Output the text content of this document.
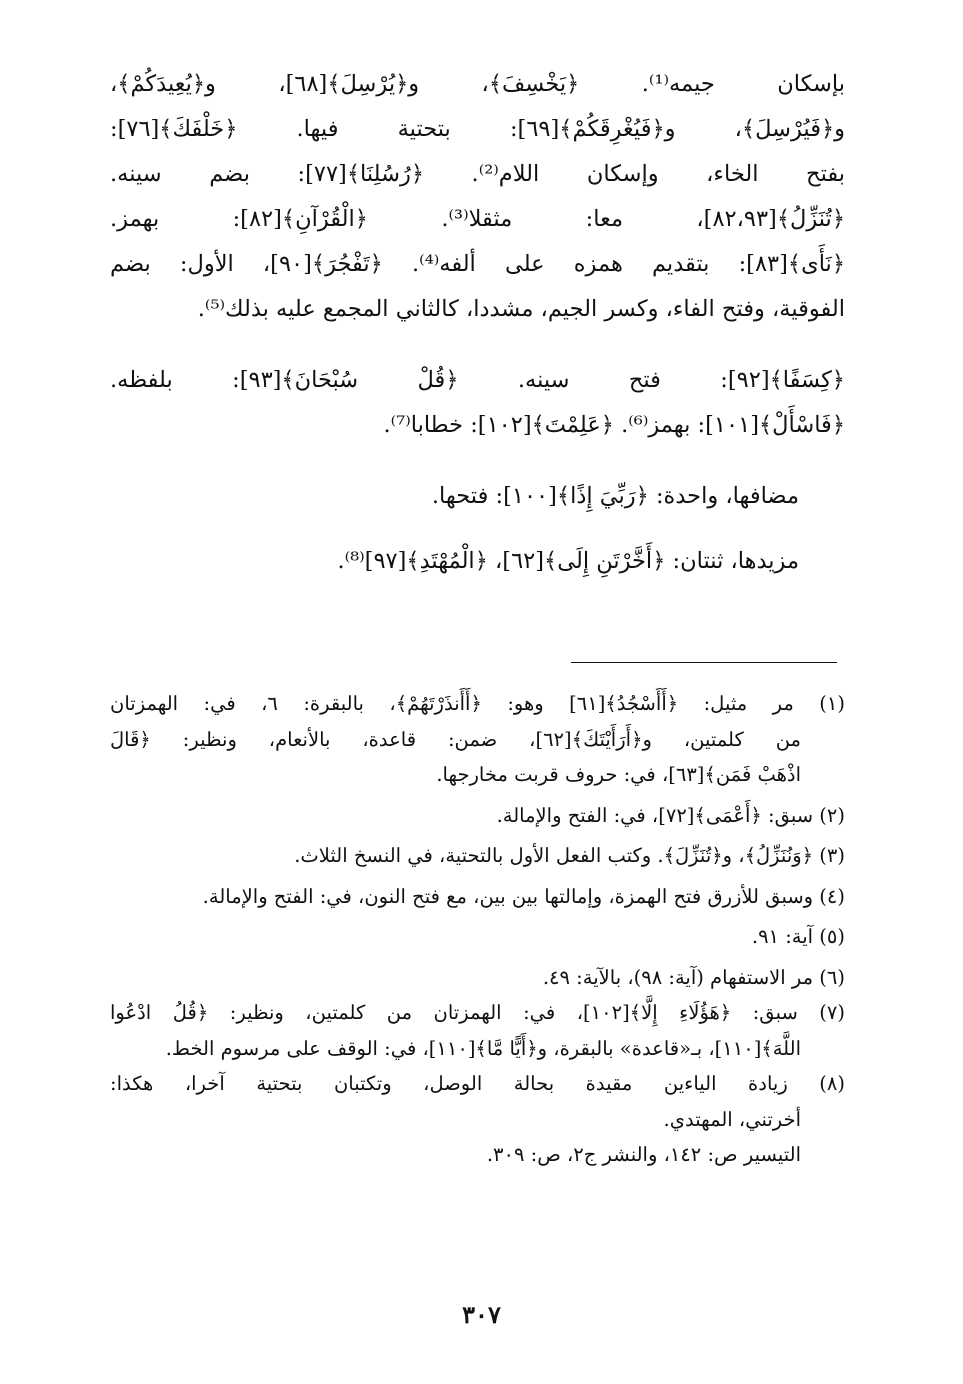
بإسكان جيمه⁽¹⁾. ﴿يَخْسِفَ﴾، و﴿يُرْسِلَ﴾[٦٨]، و﴿يُعِيدَكُمْ﴾،
و﴿فَيُرْسِلَ﴾، و﴿فَيُغْرِقَكُمْ﴾[٦٩]: بتحتية فيها. ﴿خَلْفَكَ﴾[٧٦]:
بفتح الخاء، وإسكان اللام⁽²⁾. ﴿رُسُلِنَا﴾[٧٧]: بضم سينه.
﴿تُنَزِّلُ﴾[٨٢،٩٣]، معا: مثقلا⁽³⁾. ﴿الْقُرْآنِ﴾[٨٢]: بهمز.
﴿نَأَى﴾[٨٣]: بتقديم همزه على ألفه⁽⁴⁾. ﴿تَفْجُرَ﴾[٩٠]، الأول: بضم
الفوقية، وفتح الفاء، وكسر الجيم، مشددا، كالثاني المجمع عليه بذلك⁽⁵⁾.
﴿كِسَفًا﴾[٩٢]: فتح سينه. ﴿قُلْ سُبْحَانَ﴾[٩٣]: بلفظه.
﴿فَاسْأَلْ﴾[١٠١]: بهمز⁽⁶⁾. ﴿عَلِمْتَ﴾[١٠٢]: خطابا⁽⁷⁾.
مضافها، واحدة: ﴿رَبِّيَ إِذًا﴾[١٠٠]: فتحها.
مزيدها، ثنتان: ﴿أَخَّرْتَنِ إِلَى﴾[٦٢]، ﴿الْمُهْتَدِ﴾[٩٧]⁽⁸⁾.
(١) مر مثيل: ﴿أَأَسْجُدُ﴾[٦١] وهو: ﴿أَأَنذَرْتَهُمْ﴾، بالبقرة: ٦، في: الهمزتان
من كلمتين، و﴿أَرَأَيْتَكَ﴾[٦٢]، ضمن: قاعدة، بالأنعام، ونظير: ﴿قَالَ
اذْهَبْ فَمَن﴾[٦٣]، في: حروف قربت مخارجها.
(٢) سبق: ﴿أَعْمَى﴾[٧٢]، في: الفتح والإمالة.
(٣) ﴿وَنُنَزِّلُ﴾، و﴿تُنَزِّلَ﴾. وكتب الفعل الأول بالتحتية، في النسخ الثلاث.
(٤) وسبق للأزرق فتح الهمزة، وإمالتها بين بين، مع فتح النون، في: الفتح والإمالة.
(٥) آية: ٩١.
(٦) مر الاستفهام (آية: ٩٨)، بالآية: ٤٩.
(٧) سبق: ﴿هَؤُلَاءِ إِلَّا﴾[١٠٢]، في: الهمزتان من كلمتين، ونظير: ﴿قُلُ ادْعُوا
اللَّهَ﴾[١١٠]، بـ«قاعدة» بالبقرة، و﴿أَيًّا مَّا﴾[١١٠]، في: الوقف على مرسوم الخط.
(٨) زيادة الياءين مقيدة بحالة الوصل، وتكتبان بتحتية آخرا، هكذا:
أخرتني، المهتدي.
التيسير ص: ١٤٢، والنشر ج٢، ص: ٣٠٩.
٣٠٧
